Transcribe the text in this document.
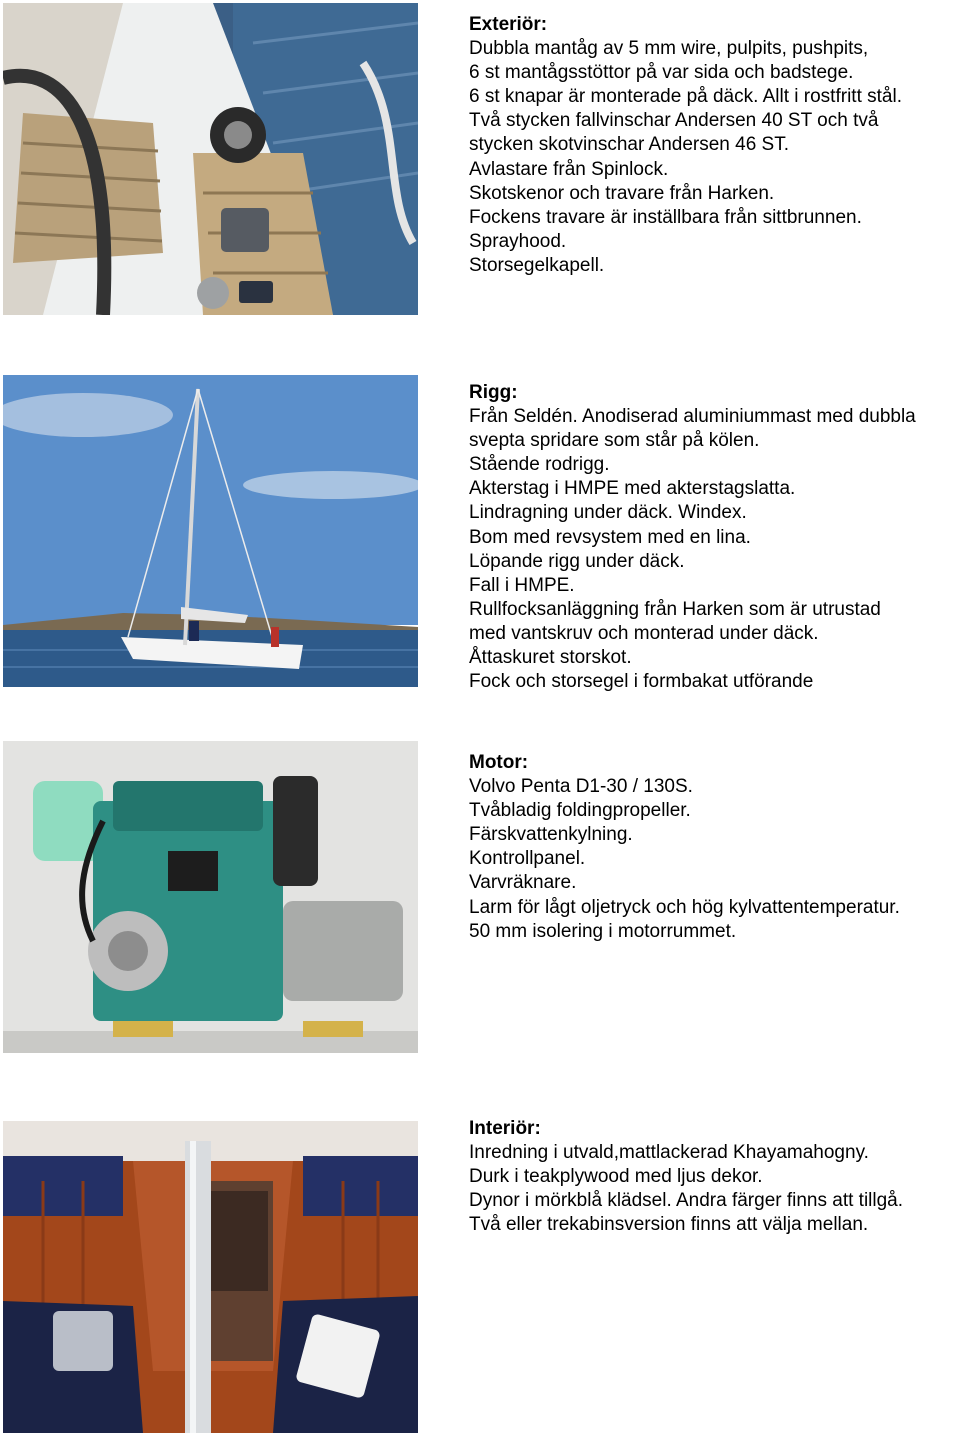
Exteriör:
Dubbla mantåg av 5 mm wire, pulpits, pushpits,
6 st mantågsstöttor på var sida och badstege.
6 st knapar är monterade på däck. Allt i rostfritt stål.
Två stycken fallvinschar Andersen 40 ST och två
stycken skotvinschar Andersen 46 ST.
Avlastare från Spinlock.
Skotskenor och travare från Harken.
Fockens travare är inställbara från sittbrunnen.
Sprayhood.
Storsegelkapell.
Rigg:
Från Seldén. Anodiserad aluminiummast med dubbla
svepta spridare som står på kölen.
Stående rodrigg.
Akterstag i HMPE med akterstagslatta.
Lindragning under däck. Windex.
Bom med revsystem med en lina.
Löpande rigg under däck.
Fall i HMPE.
Rullfocksanläggning från Harken som är utrustad
med vantskruv och monterad under däck.
Åttaskuret storskot.
Fock och storsegel i formbakat utförande
Motor:
Volvo Penta D1-30 / 130S.
Tvåbladig foldingpropeller.
Färskvattenkylning.
Kontrollpanel.
Varvräknare.
Larm för lågt oljetryck och hög kylvattentemperatur.
50 mm isolering i motorrummet.
Interiör:
Inredning i utvald,mattlackerad Khayamahogny.
Durk i teakplywood med ljus dekor.
Dynor i mörkblå klädsel. Andra färger finns att tillgå.
Två eller trekabinsversion finns att välja mellan.
